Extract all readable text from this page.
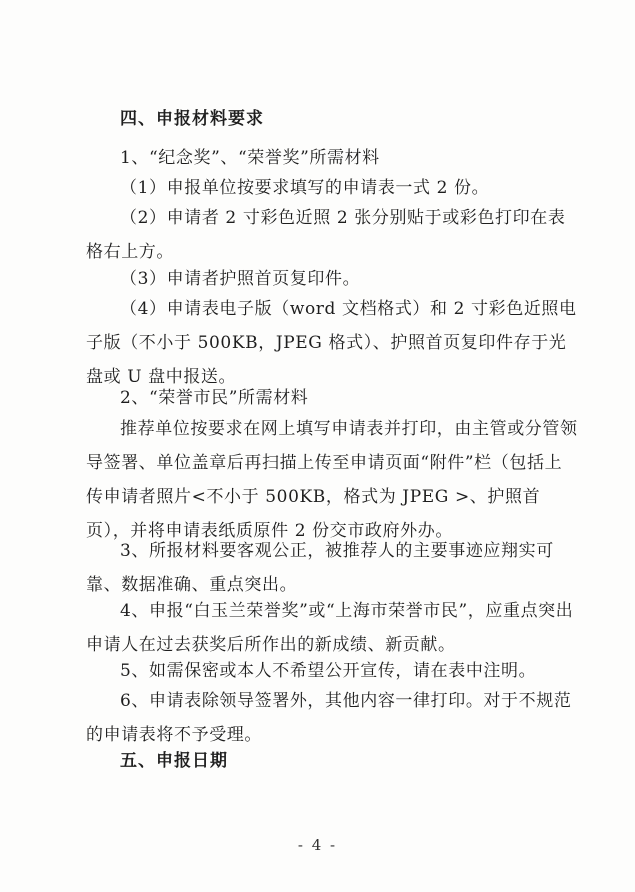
四、申报材料要求
1、“纪念奖”、“荣誉奖”所需材料
（1）申报单位按要求填写的申请表一式 2 份。
（2）申请者 2 寸彩色近照 2 张分别贴于或彩色打印在表格右上方。
（3）申请者护照首页复印件。
（4）申请表电子版（word 文档格式）和 2 寸彩色近照电子版（不小于 500KB，JPEG 格式）、护照首页复印件存于光盘或 U 盘中报送。
2、“荣誉市民”所需材料
推荐单位按要求在网上填写申请表并打印，由主管或分管领导签署、单位盖章后再扫描上传至申请页面“附件”栏（包括上传申请者照片<不小于 500KB，格式为 JPEG >、护照首页），并将申请表纸质原件 2 份交市政府外办。
3、所报材料要客观公正，被推荐人的主要事迹应翔实可靠、数据准确、重点突出。
4、申报“白玉兰荣誉奖”或“上海市荣誉市民”，应重点突出申请人在过去获奖后所作出的新成绩、新贡献。
5、如需保密或本人不希望公开宣传，请在表中注明。
6、申请表除领导签署外，其他内容一律打印。对于不规范的申请表将不予受理。
五、申报日期
- 4 -
